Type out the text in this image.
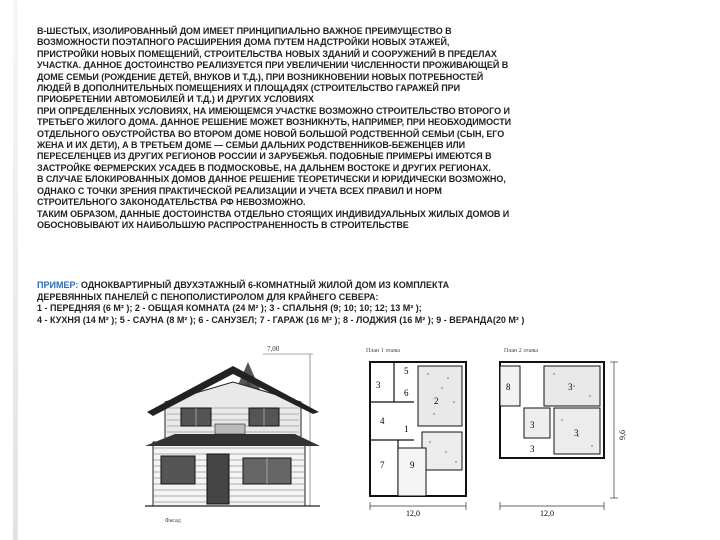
В-ШЕСТЫХ, ИЗОЛИРОВАННЫЙ ДОМ ИМЕЕТ ПРИНЦИПИАЛЬНО ВАЖНОЕ ПРЕИМУЩЕСТВО В
ВОЗМОЖНОСТИ ПОЭТАПНОГО РАСШИРЕНИЯ ДОМА ПУТЕМ НАДСТРОЙКИ НОВЫХ ЭТАЖЕЙ,
ПРИСТРОЙКИ НОВЫХ ПОМЕЩЕНИЙ, СТРОИТЕЛЬСТВА НОВЫХ ЗДАНИЙ И СООРУЖЕНИЙ В ПРЕДЕЛАХ
УЧАСТКА. ДАННОЕ ДОСТОИНСТВО РЕАЛИЗУЕТСЯ ПРИ УВЕЛИЧЕНИИ ЧИСЛЕННОСТИ ПРОЖИВАЮЩЕЙ В
ДОМЕ СЕМЬИ (РОЖДЕНИЕ ДЕТЕЙ, ВНУКОВ И Т.Д.), ПРИ ВОЗНИКНОВЕНИИ НОВЫХ ПОТРЕБНОСТЕЙ
ЛЮДЕЙ В ДОПОЛНИТЕЛЬНЫХ ПОМЕЩЕНИЯХ И ПЛОЩАДЯХ (СТРОИТЕЛЬСТВО ГАРАЖЕЙ ПРИ
ПРИОБРЕТЕНИИ АВТОМОБИЛЕЙ И Т.Д.) И ДРУГИХ УСЛОВИЯХ

ПРИ ОПРЕДЕЛЕННЫХ УСЛОВИЯХ, НА ИМЕЮЩЕМСЯ УЧАСТКЕ ВОЗМОЖНО СТРОИТЕЛЬСТВО ВТОРОГО И
ТРЕТЬЕГО ЖИЛОГО ДОМА. ДАННОЕ РЕШЕНИЕ МОЖЕТ ВОЗНИКНУТЬ, НАПРИМЕР, ПРИ НЕОБХОДИМОСТИ
ОТДЕЛЬНОГО ОБУСТРОЙСТВА ВО ВТОРОМ ДОМЕ НОВОЙ БОЛЬШОЙ РОДСТВЕННОЙ СЕМЬИ (СЫН, ЕГО
ЖЕНА И ИХ ДЕТИ), А В ТРЕТЬЕМ ДОМЕ — СЕМЬИ ДАЛЬНИХ РОДСТВЕННИКОВ-БЕЖЕНЦЕВ ИЛИ
ПЕРЕСЕЛЕНЦЕВ ИЗ ДРУГИХ РЕГИОНОВ РОССИИ И ЗАРУБЕЖЬЯ. ПОДОБНЫЕ ПРИМЕРЫ ИМЕЮТСЯ В
ЗАСТРОЙКЕ ФЕРМЕРСКИХ УСАДЕБ В ПОДМОСКОВЬЕ, НА ДАЛЬНЕМ ВОСТОКЕ И ДРУГИХ РЕГИОНАХ.

В СЛУЧАЕ БЛОКИРОВАННЫХ ДОМОВ ДАННОЕ РЕШЕНИЕ ТЕОРЕТИЧЕСКИ И ЮРИДИЧЕСКИ ВОЗМОЖНО,
ОДНАКО С ТОЧКИ ЗРЕНИЯ ПРАКТИЧЕСКОЙ РЕАЛИЗАЦИИ И УЧЕТА ВСЕХ ПРАВИЛ И НОРМ
СТРОИТЕЛЬНОГО ЗАКОНОДАТЕЛЬСТВА РФ НЕВОЗМОЖНО.

ТАКИМ ОБРАЗОМ, ДАННЫЕ ДОСТОИНСТВА ОТДЕЛЬНО СТОЯЩИХ ИНДИВИДУАЛЬНЫХ ЖИЛЫХ ДОМОВ И
ОБОСНОВЫВАЮТ ИХ НАИБОЛЬШУЮ РАСПРОСТРАНЕННОСТЬ В СТРОИТЕЛЬСТВЕ

ПРИМЕР: ОДНОКВАРТИРНЫЙ ДВУХЭТАЖНЫЙ 6-КОМНАТНЫЙ ЖИЛОЙ ДОМ ИЗ КОМПЛЕКТА
ДЕРЕВЯННЫХ ПАНЕЛЕЙ С ПЕНОПОЛИСТИРОЛОМ ДЛЯ КРАЙНЕГО СЕВЕРА:
1 - ПЕРЕДНЯЯ (6 М² ); 2 - ОБЩАЯ КОМНАТА (24 М² ); 3 - СПАЛЬНЯ (9; 10; 10; 12; 13 М² );
4 - КУХНЯ (14 М² ); 5 - САУНА (8 М² ); 6 - САНУЗЕЛ; 7 - ГАРАЖ (16 М² ); 8 - ЛОДЖИЯ (16 М² ); 9 - ВЕРАНДА(20 М² )
7,00
Фасад
План 1 этажа
3
5
6
2
4
1
7	9
12,0
План 2 этажа
8	3
3
3
3
12,0
9,6
